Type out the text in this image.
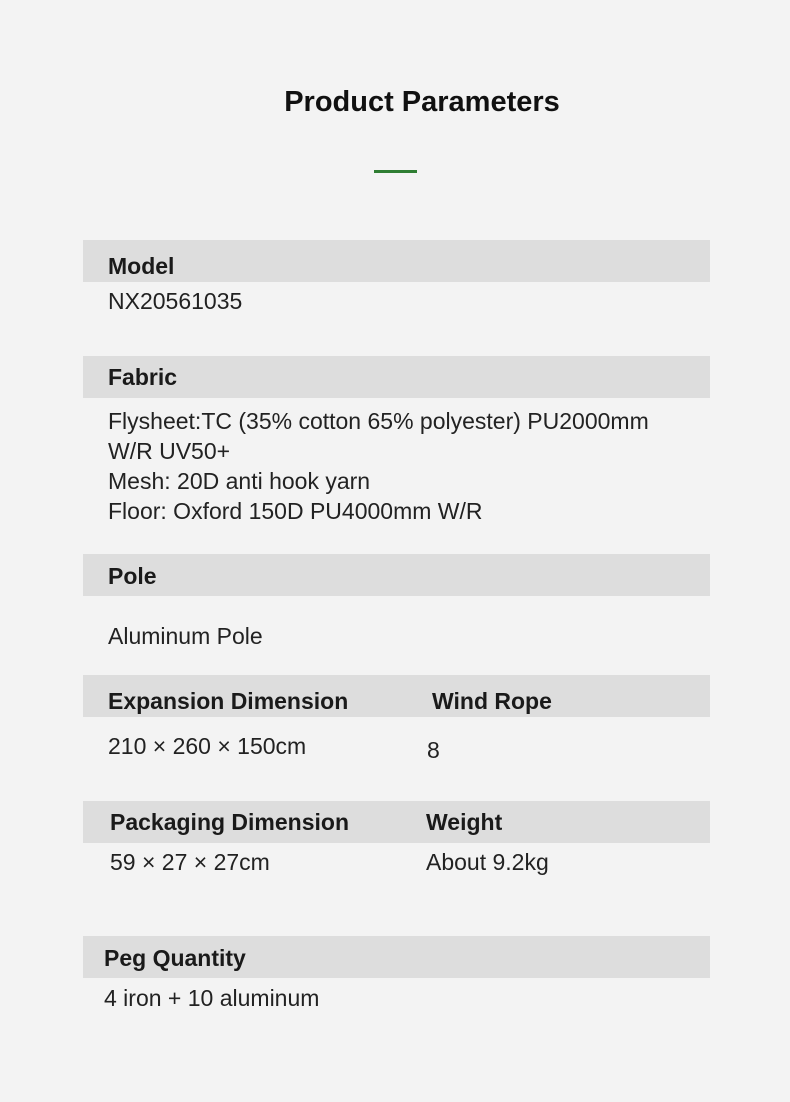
Product Parameters
Model
NX20561035
Fabric
Flysheet:TC (35% cotton 65% polyester) PU2000mm
W/R UV50+
Mesh: 20D anti hook yarn
Floor: Oxford 150D PU4000mm W/R
Pole
Aluminum Pole
Expansion Dimension	Wind Rope
210 × 260 × 150cm	8
Packaging Dimension	Weight
59 × 27 × 27cm	About 9.2kg
Peg Quantity
4 iron + 10 aluminum
